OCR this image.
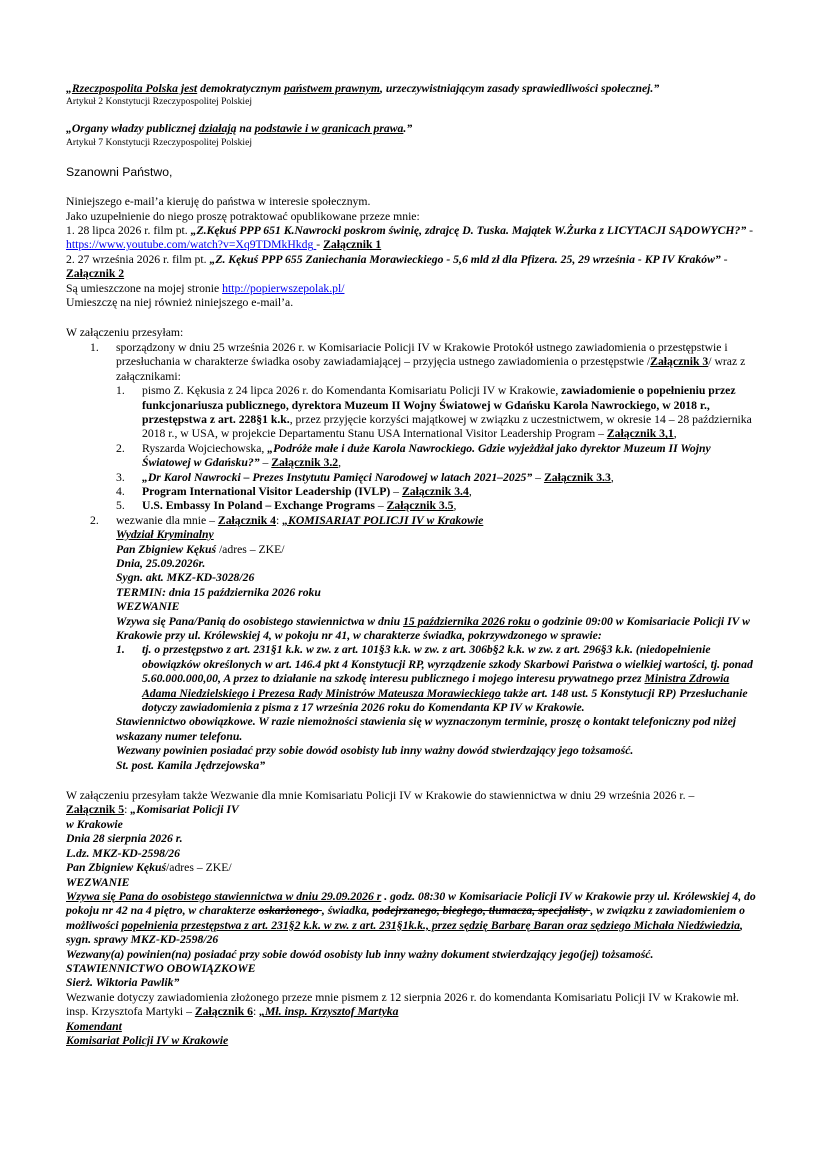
„Rzeczpospolita Polska jest demokratycznym państwem prawnym, urzeczywistniającym zasady sprawiedliwości społecznej.”

Artykuł 2 Konstytucji Rzeczypospolitej Polskiej

„Organy władzy publicznej działają na podstawie i w granicach prawa.”

Artykuł 7 Konstytucji Rzeczypospolitej Polskiej

Szanowni Państwo,

Niniejszego e-mail’a kieruję do państwa w interesie społecznym.

Jako uzupełnienie do niego proszę potraktować opublikowane przeze mnie:

1. 28 lipca 2026 r. film pt. „Z.Kękuś PPP 651 K.Nawrocki poskrom świnię, zdrajcę D. Tuska. Majątek W.Żurka z LICYTACJI SĄDOWYCH?” - https://www.youtube.com/watch?v=Xq9TDMkHkdg - Załącznik 1

2. 27 września 2026 r. film pt. „Z. Kękuś PPP 655 Zaniechania Morawieckiego - 5,6 mld zł dla Pfizera. 25, 29 września - KP IV Kraków” -

Załącznik 2

Są umieszczone na mojej stronie http://popierwszepolak.pl/

Umieszczę na niej również niniejszego e-mail’a.

W załączeniu przesyłam:

1. sporządzony w dniu 25 września 2026 r. w Komisariacie Policji IV w Krakowie Protokół ustnego zawiadomienia o przestępstwie i przesłuchania w charakterze świadka osoby zawiadamiającej – przyjęcia ustnego zawiadomienia o przestępstwie /Załącznik 3/ wraz z załącznikami:
1. pismo Z. Kękusia z 24 lipca 2026 r. do Komendanta Komisariatu Policji IV w Krakowie, zawiadomienie o popełnieniu przez funkcjonariusza publicznego, dyrektora Muzeum II Wojny Światowej w Gdańsku Karola Nawrockiego, w 2018 r., przestępstwa z art. 228§1 k.k., przez przyjęcie korzyści majątkowej w związku z uczestnictwem, w okresie 14 – 28 października 2018 r., w USA, w projekcie Departamentu Stanu USA International Visitor Leadership Program – Załącznik 3,1,
2. Ryszarda Wojciechowska, „Podróże małe i duże Karola Nawrockiego. Gdzie wyjeżdżał jako dyrektor Muzeum II Wojny Światowej w Gdańsku?” – Załącznik 3.2,
3. „Dr Karol Nawrocki – Prezes Instytutu Pamięci Narodowej w latach 2021–2025” – Załącznik 3.3,
4. Program International Visitor Leadership (IVLP) – Załącznik 3.4,
5. U.S. Embassy In Poland – Exchange Programs – Załącznik 3.5,
2. wezwanie dla mnie – Załącznik 4: „KOMISARIAT POLICJI IV w Krakowie

Wydział Kryminalny

Pan Zbigniew Kękuś /adres – ZKE/

Dnia, 25.09.2026r.

Sygn. akt. MKZ-KD-3028/26

TERMIN: dnia 15 października 2026 roku

WEZWANIE

Wzywa się Pana/Panią do osobistego stawiennictwa w dniu 15 października 2026 roku o godzinie 09:00 w Komisariacie Policji IV w Krakowie przy ul. Królewskiej 4, w pokoju nr 41, w charakterze świadka, pokrzywdzonego w sprawie:

1. tj. o przestępstwo z art. 231§1 k.k. w zw. z art. 101§3 k.k. w zw. z art. 306b§2 k.k. w zw. z art. 296§3 k.k. (niedopełnienie obowiązków określonych w art. 146.4 pkt 4 Konstytucji RP, wyrządzenie szkody Skarbowi Państwa o wielkiej wartości, tj. ponad 5.60.000.000,00, A przez to działanie na szkodę interesu publicznego i mojego interesu prywatnego przez Ministra Zdrowia Adama Niedzielskiego i Prezesa Rady Ministrów Mateusza Morawieckiego także art. 148 ust. 5 Konstytucji RP) Przesłuchanie dotyczy zawiadomienia z pisma z 17 września 2026 roku do Komendanta KP IV w Krakowie.

Stawiennictwo obowiązkowe. W razie niemożności stawienia się w wyznaczonym terminie, proszę o kontakt telefoniczny pod niżej wskazany numer telefonu.

Wezwany powinien posiadać przy sobie dowód osobisty lub inny ważny dowód stwierdzający jego tożsamość.

St. post. Kamila Jędrzejowska”

W załączeniu przesyłam także Wezwanie dla mnie Komisariatu Policji IV w Krakowie do stawiennictwa w dniu 29 września 2026 r. –

Załącznik 5: „Komisariat Policji IV

w Krakowie

Dnia 28 sierpnia 2026 r.

L.dz. MKZ-KD-2598/26

Pan Zbigniew Kękuś/adres – ZKE/

WEZWANIE

Wzywa się Pana do osobistego stawiennictwa w dniu 29.09.2026 r . godz. 08:30 w Komisariacie Policji IV w Krakowie przy ul. Królewskiej 4, do pokoju nr 42 na 4 piętro, w charakterze oskarżonego , świadka, podejrzanego, biegłego, tłumacza, specjalisty , w związku z zawiadomieniem o możliwości popełnienia przestępstwa z art. 231§2 k.k. w zw. z art. 231§1k.k., przez sędzię Barbarę Baran oraz sędziego Michała Niedźwiedzia, sygn. sprawy MKZ-KD-2598/26

Wezwany(a) powinien(na) posiadać przy sobie dowód osobisty lub inny ważny dokument stwierdzający jego(jej) tożsamość.

STAWIENNICTWO OBOWIĄZKOWE

Sierż. Wiktoria Pawlik”

Wezwanie dotyczy zawiadomienia złożonego przeze mnie pismem z 12 sierpnia 2026 r. do komendanta Komisariatu Policji IV w Krakowie mł. insp. Krzysztofa Martyki – Załącznik 6: „Mł. insp. Krzysztof Martyka

Komendant

Komisariat Policji IV w Krakowie
